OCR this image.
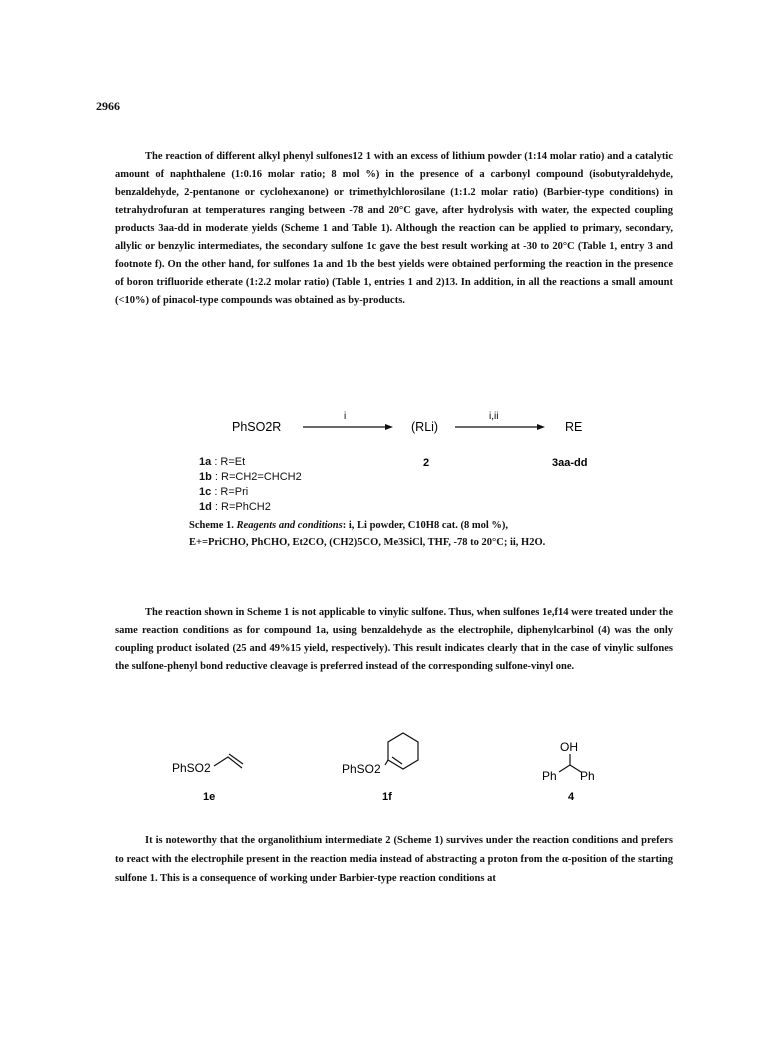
2966

The reaction of different alkyl phenyl sulfones12 1 with an excess of lithium powder (1:14 molar ratio) and a catalytic amount of naphthalene (1:0.16 molar ratio; 8 mol %) in the presence of a carbonyl compound (isobutyraldehyde, benzaldehyde, 2-pentanone or cyclohexanone) or trimethylchlorosilane (1:1.2 molar ratio) (Barbier-type conditions) in tetrahydrofuran at temperatures ranging between -78 and 20°C gave, after hydrolysis with water, the expected coupling products 3aa-dd in moderate yields (Scheme 1 and Table 1). Although the reaction can be applied to primary, secondary, allylic or benzylic intermediates, the secondary sulfone 1c gave the best result working at -30 to 20°C (Table 1, entry 3 and footnote f). On the other hand, for sulfones 1a and 1b the best yields were obtained performing the reaction in the presence of boron trifluoride etherate (1:2.2 molar ratio) (Table 1, entries 1 and 2)13. In addition, in all the reactions a small amount (<10%) of pinacol-type compounds was obtained as by-products.

PhSO2R
i
(RLi)
i,ii
RE
2	3aa-dd
PhSO2
1e
PhSO2
1f
OH
Ph Ph
4
1a : R=Et
1b : R=CH2=CHCH2
1c : R=Pri
1d : R=PhCH2
Scheme 1. Reagents and conditions: i, Li powder, C10H8 cat. (8 mol %),
E+=PriCHO, PhCHO, Et2CO, (CH2)5CO, Me3SiCl, THF, -78 to 20°C; ii, H2O.

The reaction shown in Scheme 1 is not applicable to vinylic sulfone. Thus, when sulfones 1e,f14 were treated under the same reaction conditions as for compound 1a, using benzaldehyde as the electrophile, diphenylcarbinol (4) was the only coupling product isolated (25 and 49%15 yield, respectively). This result indicates clearly that in the case of vinylic sulfones the sulfone-phenyl bond reductive cleavage is preferred instead of the corresponding sulfone-vinyl one.

It is noteworthy that the organolithium intermediate 2 (Scheme 1) survives under the reaction conditions and prefers to react with the electrophile present in the reaction media instead of abstracting a proton from the α-position of the starting sulfone 1. This is a consequence of working under Barbier-type reaction conditions at
